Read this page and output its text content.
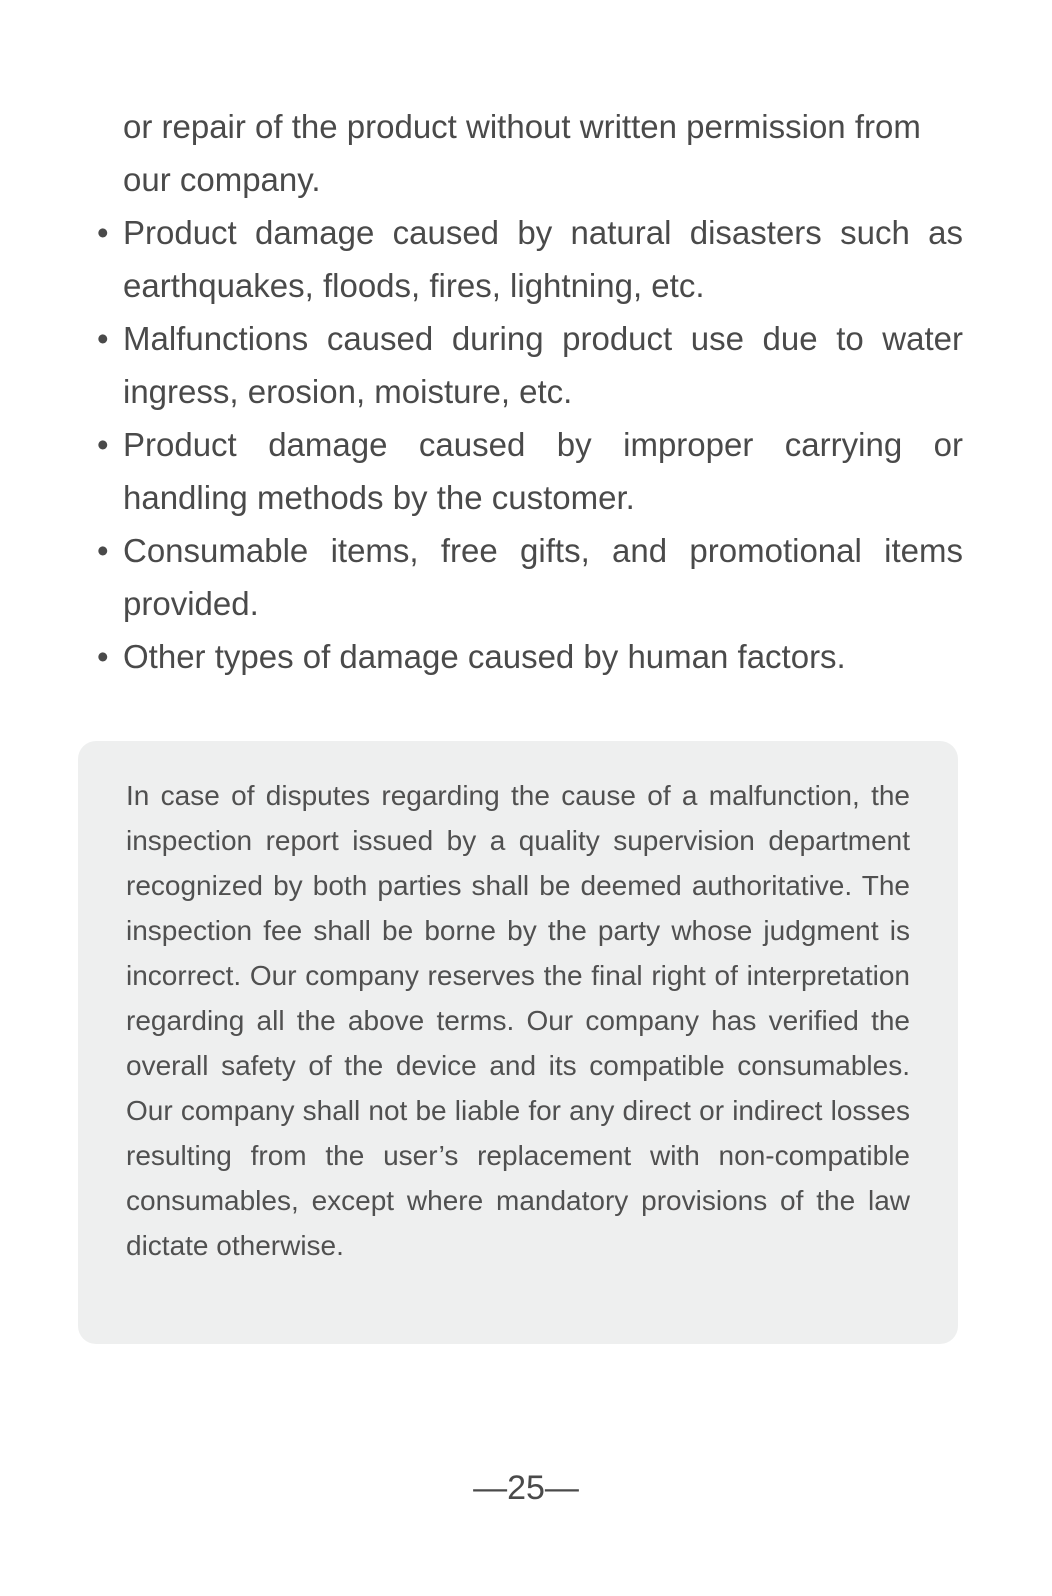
or repair of the product without written permission from our company.

• Product damage caused by natural disasters such as earthquakes, floods, fires, lightning, etc.
• Malfunctions caused during product use due to water ingress, erosion, moisture, etc.
• Product damage caused by improper carrying or handling methods by the customer.
• Consumable items, free gifts, and promotional items provided.
• Other types of damage caused by human factors.

In case of disputes regarding the cause of a malfunction, the inspection report issued by a quality supervision department recognized by both parties shall be deemed authoritative. The inspection fee shall be borne by the party whose judgment is incorrect. Our company reserves the final right of interpretation regarding all the above terms. Our company has verified the overall safety of the device and its compatible consumables. Our company shall not be liable for any direct or indirect losses resulting from the user’s replacement with non-compatible consumables, except where mandatory provisions of the law dictate otherwise.

—25—
